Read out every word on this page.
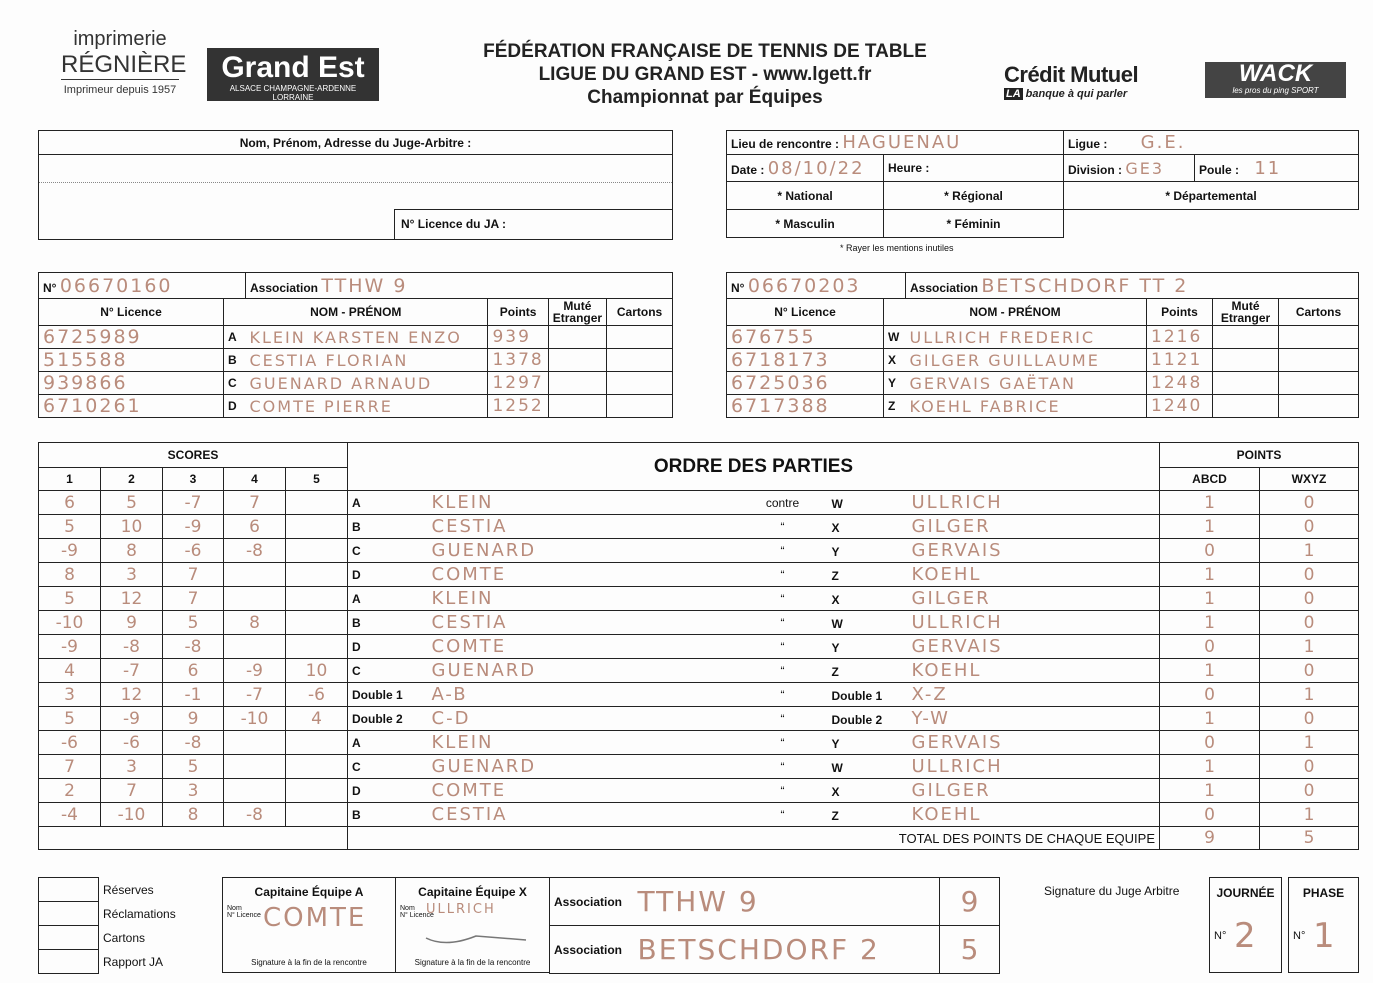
imprimerie
RÉGNIÈRE
Imprimeur depuis 1957
Grand Est
ALSACE CHAMPAGNE-ARDENNE LORRAINE
FÉDÉRATION FRANÇAISE DE TENNIS DE TABLE
LIGUE DU GRAND EST - www.lgett.fr
Championnat par Équipes
Crédit Mutuel
LA banque à qui parler
WACK
les pros du ping SPORT
Nom, Prénom, Adresse du Juge-Arbitre :
N° Licence du JA :
Lieu de rencontre : HAGUENAU		Ligue : G.E.	
Date : 08/10/22	Heure :	Division : GE3	Poule : 11
* National	* Régional	* Départemental	
* Masculin	* Féminin		
* Rayer les mentions inutiles
N° 06670160		Association TTHW 9			
N° Licence	NOM - PRÉNOM		Points	Muté Etranger	Cartons
6725989	A	KLEIN KARSTEN ENZO	939		
515588	B	CESTIA FLORIAN	1378		
939866	C	GUENARD ARNAUD	1297		
6710261	D	COMTE PIERRE	1252		
N° 06670203		Association BETSCHDORF TT 2			
N° Licence	NOM - PRÉNOM		Points	Muté Etranger	Cartons
676755	W	ULLRICH FREDERIC	1216		
6718173	X	GILGER GUILLAUME	1121		
6725036	Y	GERVAIS GAËTAN	1248		
6717388	Z	KOEHL FABRICE	1240		
SCORES					ORDRE DES PARTIES				POINTS	
1	2	3	4	5					ABCD	WXYZ
6	5	-7	7		A	KLEIN	contre	W ULLRICH	1	0
5	10	-9	6		B	CESTIA	“	X GILGER	1	0
-9	8	-6	-8		C	GUENARD	“	Y GERVAIS	0	1
8	3	7			D	COMTE	“	Z KOEHL	1	0
5	12	7			A	KLEIN	“	X GILGER	1	0
-10	9	5	8		B	CESTIA	“	W ULLRICH	1	0
-9	-8	-8			D	COMTE	“	Y GERVAIS	0	1
4	-7	6	-9	10	C	GUENARD	“	Z KOEHL	1	0
3	12	-1	-7	-6	Double 1	A-B	“	Double 1 X-Z	0	1
5	-9	9	-10	4	Double 2	C-D	“	Double 2 Y-W	1	0
-6	-6	-8			A	KLEIN	“	Y GERVAIS	0	1
7	3	5			C	GUENARD	“	W ULLRICH	1	0
2	7	3			D	COMTE	“	X GILGER	1	0
-4	-10	8	-8		B	CESTIA	“	Z KOEHL	0	1
					TOTAL DES POINTS DE CHAQUE EQUIPE				9	5
	Réserves
	Réclamations
	Cartons
	Rapport JA
Capitaine Équipe A
Nom
N° Licence COMTE
Signature à la fin de la rencontre
Capitaine Équipe X
Nom
N° Licence
ULLRICH
Signature à la fin de la rencontre
Association	TTHW 9	9
Association	BETSCHDORF 2	5
Signature du Juge Arbitre	JOURNÉE
N° 2
PHASE
N° 1
